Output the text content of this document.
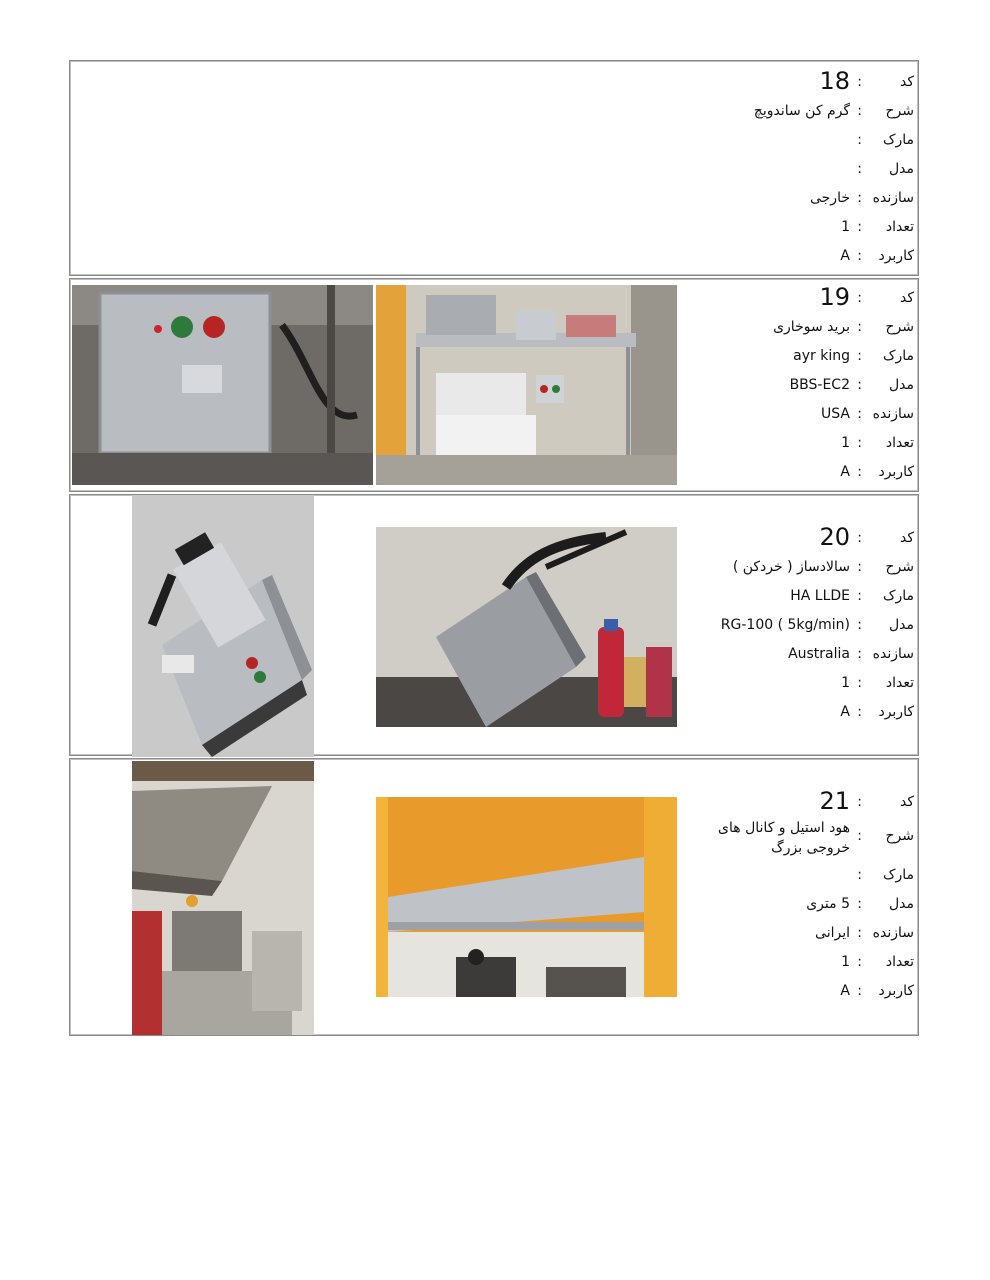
کد
:
18
شرح
:
گرم کن ساندویچ
مارک
:
مدل
:
سازنده
:
خارجی
تعداد
:
1
کاربرد
:
A
کد
:
19
شرح
:
برید سوخاری
مارک
:
ayr king
مدل
:
BBS-EC2
سازنده
:
USA
تعداد
:
1
کاربرد
:
A
کد
:
20
شرح
:
سالادساز ( خردکن )
مارک
:
HA LLDE
مدل
:
RG-100 ( 5kg/min)
سازنده
:
Australia
تعداد
:
1
کاربرد
:
A
کد
:
21
شرح
:
هود استیل و کانال های خروجی بزرگ
مارک
:
مدل
:
5 متری
سازنده
:
ایرانی
تعداد
:
1
کاربرد
:
A
